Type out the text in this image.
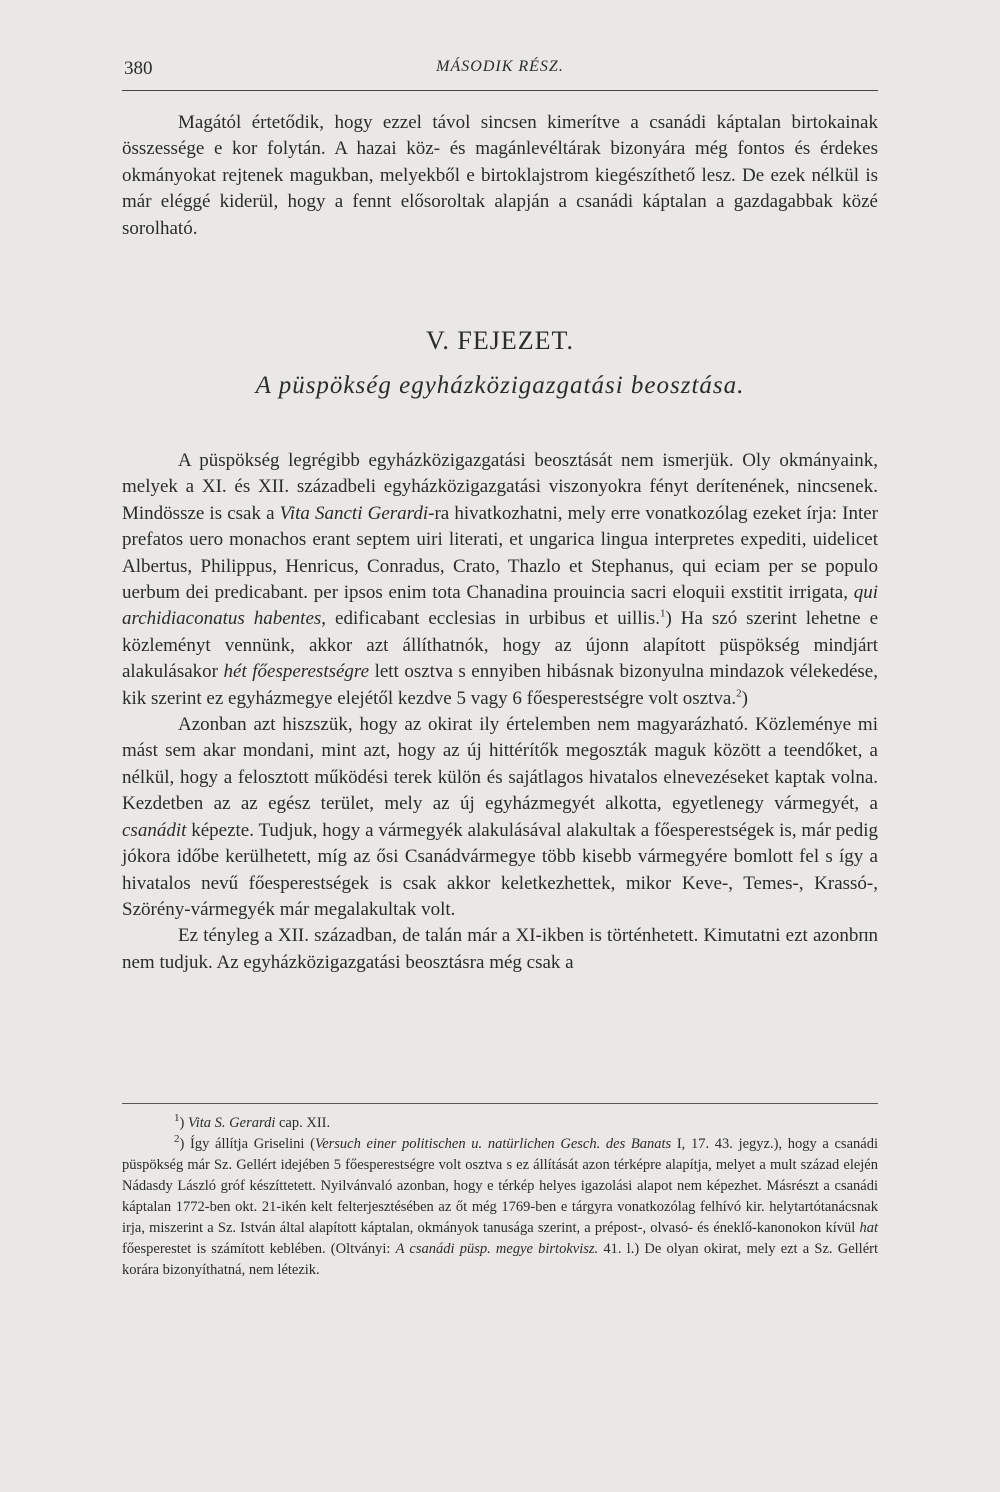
380	MÁSODIK RÉSZ.

Magától értetődik, hogy ezzel távol sincsen kimerítve a csanádi káptalan birtokainak összessége e kor folytán. A hazai köz- és magánlevéltárak bizonyára még fontos és érdekes okmányokat rejtenek magukban, melyekből e birtoklajstrom kiegészíthető lesz. De ezek nélkül is már eléggé kiderül, hogy a fennt elősoroltak alapján a csanádi káptalan a gazdagabbak közé sorolható.

V. FEJEZET.
A püspökség egyházközigazgatási beosztása.

A püspökség legrégibb egyházközigazgatási beosztását nem ismerjük. Oly okmányaink, melyek a XI. és XII. századbeli egyházközigazgatási viszonyokra fényt derítenének, nincsenek. Mindössze is csak a Vita Sancti Gerardi-ra hivatkozhatni, mely erre vonatkozólag ezeket írja: Inter prefatos uero monachos erant septem uiri literati, et ungarica lingua interpretes expediti, uidelicet Albertus, Philippus, Henricus, Conradus, Crato, Thazlo et Stephanus, qui eciam per se populo uerbum dei predicabant. per ipsos enim tota Chanadina prouincia sacri eloquii exstitit irrigata, qui archidiaconatus habentes, edificabant ecclesias in urbibus et uillis.$^1$) Ha szó szerint lehetne e közleményt vennünk, akkor azt állíthatnók, hogy az újonn alapított püspökség mindjárt alakulásakor hét főesperestségre lett osztva s ennyiben hibásnak bizonyulna mindazok vélekedése, kik szerint ez egyházmegye elejétől kezdve 5 vagy 6 főesperestségre volt osztva.$^2$)

Azonban azt hiszszük, hogy az okirat ily értelemben nem magyarázható. Közleménye mi mást sem akar mondani, mint azt, hogy az új hittérítők megoszták maguk között a teendőket, a nélkül, hogy a felosztott működési terek külön és sajátlagos hivatalos elnevezéseket kaptak volna. Kezdetben az az egész terület, mely az új egyházmegyét alkotta, egyetlenegy vármegyét, a csanádit képezte. Tudjuk, hogy a vármegyék alakulásával alakultak a főesperestségek is, már pedig jókora időbe kerülhetett, míg az ősi Csanádvármegye több kisebb vármegyére bomlott fel s így a hivatalos nevű főesperestségek is csak akkor keletkezhettek, mikor Keve-, Temes-, Krassó-, Szörény-vármegyék már megalakultak volt.

Ez tényleg a XII. században, de talán már a XI-ikben is történhetett. Kimutatni ezt azonbпn nem tudjuk. Az egyházközigazgatási beosztásra még csak a

$^1$) Vita S. Gerardi cap. XII.

$^2$) Így állítja Griselini (Versuch einer politischen u. natürlichen Gesch. des Banats I, 17. 43. jegyz.), hogy a csanádi püspökség már Sz. Gellért idejében 5 főesperestségre volt osztva s ez állítását azon térképre alapítja, melyet a mult század elején Nádasdy László gróf készíttetett. Nyilvánvaló azonban, hogy e térkép helyes igazolási alapot nem képezhet. Másrészt a csanádi káptalan 1772-ben okt. 21-ikén kelt felterjesztésében az őt még 1769-ben e tárgyra vonatkozólag felhívó kir. helytartótanácsnak irja, miszerint a Sz. István által alapított káptalan, okmányok tanusága szerint, a prépost-, olvasó- és éneklő-kanonokon kívül hat főesperestet is számított keblében. (Oltványi: A csanádi püsp. megye birtokvisz. 41. l.) De olyan okirat, mely ezt a Sz. Gellért korára bizonyíthatná, nem létezik.
